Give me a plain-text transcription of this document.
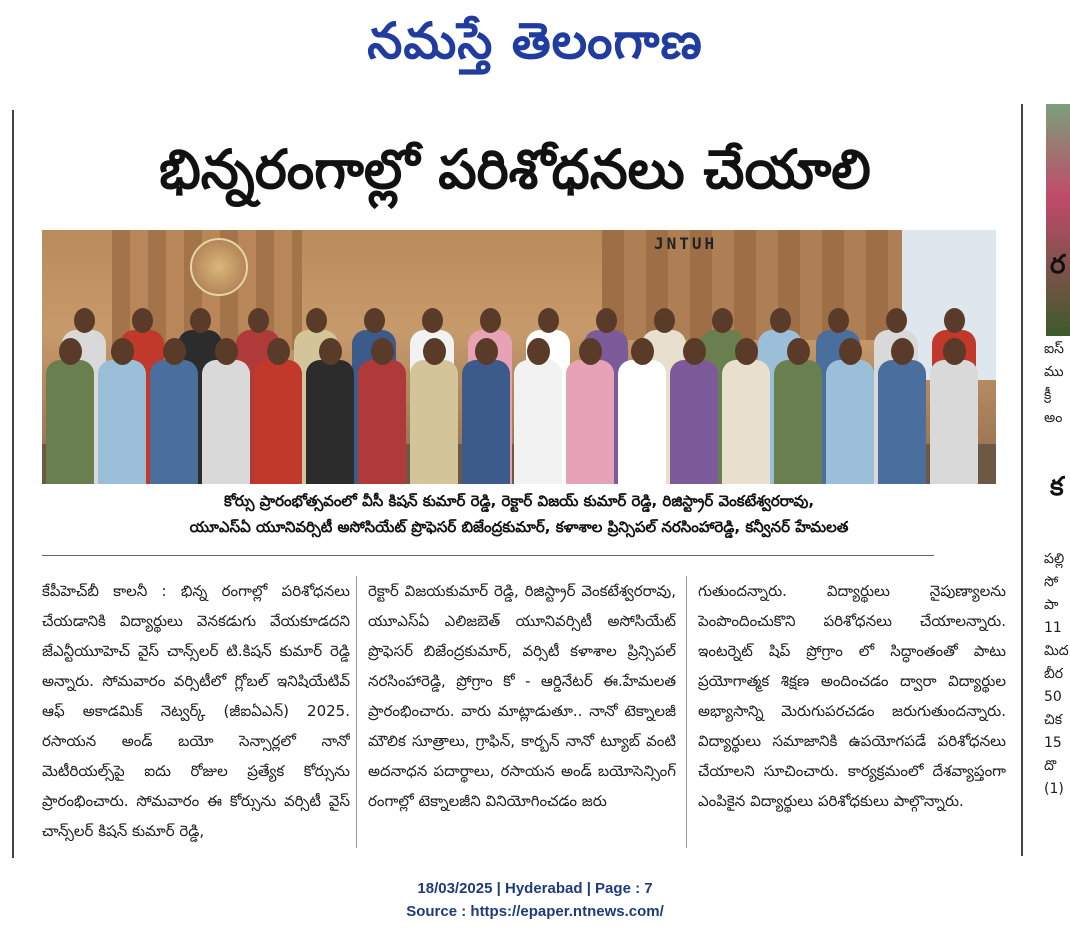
నమస్తే తెలంగాణ
భిన్నరంగాల్లో పరిశోధనలు చేయాలి
JNTUH
కోర్సు ప్రారంభోత్సవంలో వీసీ కిషన్ కుమార్ రెడ్డి, రెక్టార్ విజయ్ కుమార్ రెడ్డి, రిజిస్ట్రార్ వెంకటేశ్వరరావు,
యూఎస్ఏ యూనివర్సిటీ అసోసియేట్ ప్రొఫెసర్ బిజేంద్రకుమార్, కళాశాల ప్రిన్సిపల్ నరసింహారెడ్డి, కన్వీనర్ హేమలత
కేపీహెచ్‌బీ కాలనీ : భిన్న రంగాల్లో పరిశోధనలు చేయడానికి విద్యార్థులు వెనకడుగు వేయకూడదని జేఎన్టీయూహెచ్ వైస్ చాన్స్‌లర్ టి.కిషన్ కుమార్ రెడ్డి అన్నారు. సోమవారం వర్సిటీలో గ్లోబల్ ఇనిషియేటివ్ ఆఫ్ అకాడమిక్ నెట్వర్క్ (జీఐఏఎన్) 2025. రసాయన అండ్ బయో సెన్సార్లలో నానో మెటీరియల్స్‌పై ఐదు రోజుల ప్రత్యేక కోర్సును ప్రారంభించారు. సోమవారం ఈ కోర్సును వర్సిటీ వైస్ చాన్స్‌లర్ కిషన్ కుమార్ రెడ్డి,
రెక్టార్ విజయకుమార్ రెడ్డి, రిజిస్ట్రార్ వెంకటేశ్వరరావు, యూఎస్ఏ ఎలిజబెత్ యూనివర్సిటీ అసోసియేట్ ప్రొఫెసర్ బిజేంద్రకుమార్, వర్సిటీ కళాశాల ప్రిన్సిపల్ నరసింహారెడ్డి, ప్రోగ్రాం కో - ఆర్డినేటర్ ఈ.హేమలత ప్రారంభించారు. వారు మాట్లాడుతూ.. నానో టెక్నాలజీ మౌలిక సూత్రాలు, గ్రాఫిన్, కార్బన్ నానో ట్యూబ్ వంటి అదనాధన పదార్థాలు, రసాయన అండ్ బయోసెన్సింగ్ రంగాల్లో టెక్నాలజీని వినియోగించడం జరు
గుతుందన్నారు. విద్యార్థులు నైపుణ్యాలను పెంపొందించుకొని పరిశోధనలు చేయాలన్నారు. ఇంటర్నెట్ షిప్ ప్రోగ్రాం లో సిద్ధాంతంతో పాటు ప్రయోగాత్మక శిక్షణ అందించడం ద్వారా విద్యార్థుల అభ్యాసాన్ని మెరుగుపరచడం జరుగుతుందన్నారు. విద్యార్థులు సమాజానికి ఉపయోగపడే పరిశోధనలు చేయాలని సూచించారు. కార్యక్రమంలో దేశవ్యాప్తంగా ఎంపికైన విద్యార్థులు పరిశోధకులు పాల్గొన్నారు.
ర
ఐస్
ము
క్రీ
అం
క
పల్లి
సో
పా
11
మిద
బీర
50
చిక
15
దొ
(1)
18/03/2025 | Hyderabad | Page : 7
Source : https://epaper.ntnews.com/
